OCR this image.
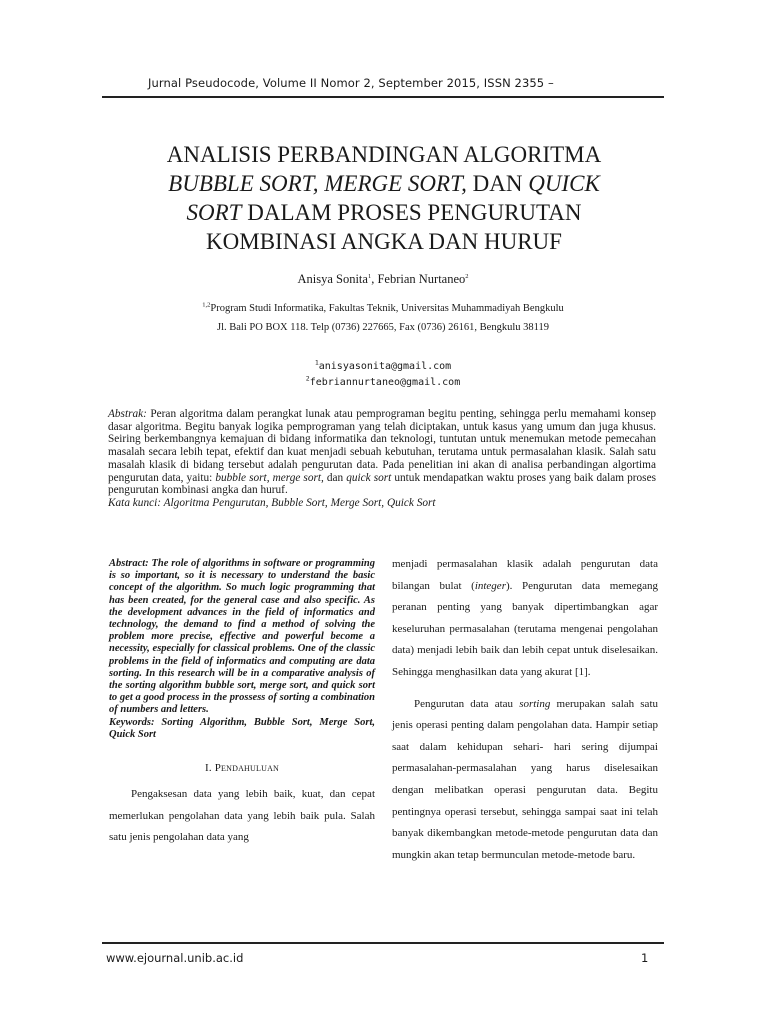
Jurnal Pseudocode, Volume II Nomor 2, September 2015, ISSN 2355 –
ANALISIS PERBANDINGAN ALGORITMA
BUBBLE SORT, MERGE SORT, DAN QUICK
SORT DALAM PROSES PENGURUTAN
KOMBINASI ANGKA DAN HURUF
Anisya Sonita$^1$, Febrian Nurtaneo$^2$
$^{1,2}$Program Studi Informatika, Fakultas Teknik, Universitas Muhammadiyah Bengkulu
Jl. Bali PO BOX 118. Telp (0736) 227665, Fax (0736) 26161, Bengkulu 38119
$^1$anisyasonita@gmail.com
$^2$febriannurtaneo@gmail.com
Abstrak: Peran algoritma dalam perangkat lunak atau pemprograman begitu penting, sehingga perlu memahami konsep dasar algoritma. Begitu banyak logika pemprograman yang telah diciptakan, untuk kasus yang umum dan juga khusus. Seiring berkembangnya kemajuan di bidang informatika dan teknologi, tuntutan untuk menemukan metode pemecahan masalah secara lebih tepat, efektif dan kuat menjadi sebuah kebutuhan, terutama untuk permasalahan klasik. Salah satu masalah klasik di bidang tersebut adalah pengurutan data. Pada penelitian ini akan di analisa perbandingan algortima pengurutan data, yaitu: bubble sort, merge sort, dan quick sort untuk mendapatkan waktu proses yang baik dalam proses pengurutan kombinasi angka dan huruf.
Kata kunci: Algoritma Pengurutan, Bubble Sort, Merge Sort, Quick Sort
Abstract: The role of algorithms in software or programming is so important, so it is necessary to understand the basic concept of the algorithm. So much logic programming that has been created, for the general case and also specific. As the development advances in the field of informatics and technology, the demand to find a method of solving the problem more precise, effective and powerful become a necessity, especially for classical problems. One of the classic problems in the field of informatics and computing are data sorting. In this research will be in a comparative analysis of the sorting algorithm bubble sort, merge sort, and quick sort to get a good process in the prossess of sorting a combination of numbers and letters.
Keywords: Sorting Algorithm, Bubble Sort, Merge Sort, Quick Sort
I. Pendahuluan

Pengaksesan data yang lebih baik, kuat, dan cepat memerlukan pengolahan data yang lebih baik pula. Salah satu jenis pengolahan data yang

menjadi permasalahan klasik adalah pengurutan data bilangan bulat (integer). Pengurutan data memegang peranan penting yang banyak dipertimbangkan agar keseluruhan permasalahan (terutama mengenai pengolahan data) menjadi lebih baik dan lebih cepat untuk diselesaikan. Sehingga menghasilkan data yang akurat [1].

Pengurutan data atau sorting merupakan salah satu jenis operasi penting dalam pengolahan data. Hampir setiap saat dalam kehidupan sehari- hari sering dijumpai permasalahan-permasalahan yang harus diselesaikan dengan melibatkan operasi pengurutan data. Begitu pentingnya operasi tersebut, sehingga sampai saat ini telah banyak dikembangkan metode-metode pengurutan data dan mungkin akan tetap bermunculan metode-metode baru.

www.ejournal.unib.ac.id	1
